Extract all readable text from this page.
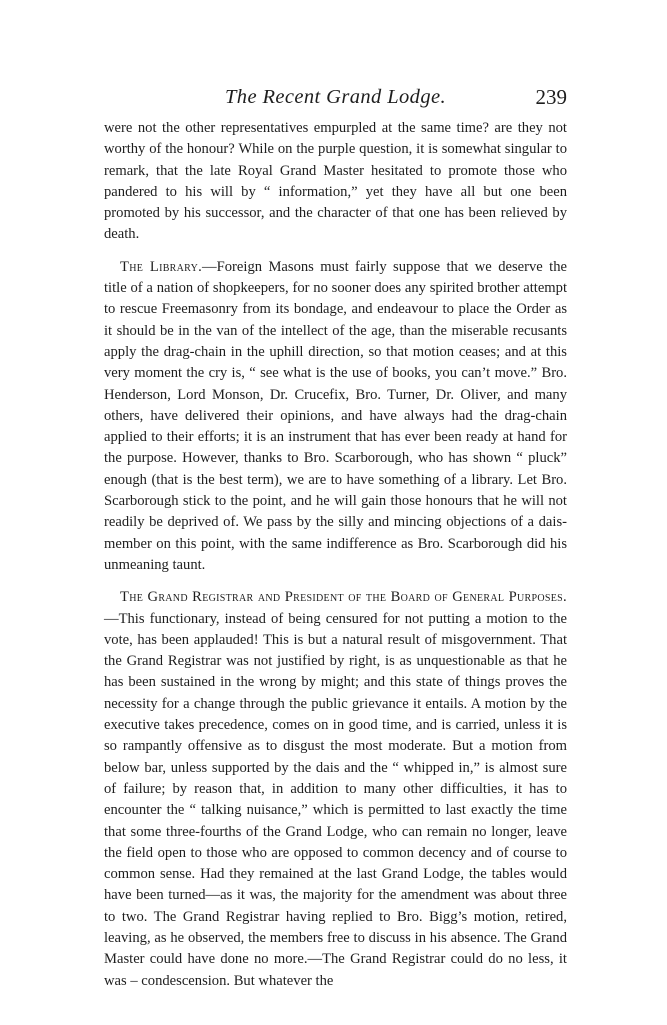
The Recent Grand Lodge.	239

were not the other representatives empurpled at the same time? are they not worthy of the honour? While on the purple question, it is somewhat singular to remark, that the late Royal Grand Master hesitated to promote those who pandered to his will by “ information,” yet they have all but one been promoted by his successor, and the character of that one has been relieved by death.

The Library.—Foreign Masons must fairly suppose that we deserve the title of a nation of shopkeepers, for no sooner does any spirited brother attempt to rescue Freemasonry from its bondage, and endeavour to place the Order as it should be in the van of the intellect of the age, than the miserable recusants apply the drag-chain in the uphill direction, so that motion ceases; and at this very moment the cry is, “ see what is the use of books, you can’t move.” Bro. Henderson, Lord Monson, Dr. Crucefix, Bro. Turner, Dr. Oliver, and many others, have delivered their opinions, and have always had the drag-chain applied to their efforts; it is an instrument that has ever been ready at hand for the purpose. However, thanks to Bro. Scarborough, who has shown “ pluck” enough (that is the best term), we are to have something of a library. Let Bro. Scarborough stick to the point, and he will gain those honours that he will not readily be deprived of. We pass by the silly and mincing objections of a dais-member on this point, with the same indifference as Bro. Scarborough did his unmeaning taunt.

The Grand Registrar and President of the Board of General Purposes.—This functionary, instead of being censured for not putting a motion to the vote, has been applauded! This is but a natural result of misgovernment. That the Grand Registrar was not justified by right, is as unquestionable as that he has been sustained in the wrong by might; and this state of things proves the necessity for a change through the public grievance it entails. A motion by the executive takes precedence, comes on in good time, and is carried, unless it is so rampantly offensive as to disgust the most moderate. But a motion from below bar, unless supported by the dais and the “ whipped in,” is almost sure of failure; by reason that, in addition to many other difficulties, it has to encounter the “ talking nuisance,” which is permitted to last exactly the time that some three-fourths of the Grand Lodge, who can remain no longer, leave the field open to those who are opposed to common decency and of course to common sense. Had they remained at the last Grand Lodge, the tables would have been turned—as it was, the majority for the amendment was about three to two. The Grand Registrar having replied to Bro. Bigg’s motion, retired, leaving, as he observed, the members free to discuss in his absence. The Grand Master could have done no more.—The Grand Registrar could do no less, it was – condescension. But whatever the
